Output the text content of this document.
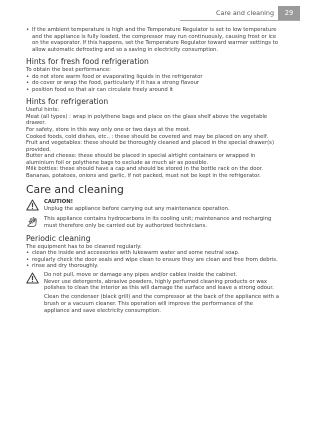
Care and cleaning	29
• If the ambient temperature is high and the Temperature Regulator is set to low temperature and the appliance is fully loaded, the compressor may run continuously, causing frost or ice on the evaporator. If this happens, set the Temperature Regulator toward warmer settings to allow automatic defrosting and so a saving in electricity consumption.
Hints for fresh food refrigeration

To obtain the best performance:

• do not store warm food or evaporating liquids in the refrigerator
• do cover or wrap the food, particularly if it has a strong flavour
• position food so that air can circulate freely around it
Hints for refrigeration

Useful hints:

Meat (all types) : wrap in polythene bags and place on the glass shelf above the vegetable drawer.

For safety, store in this way only one or two days at the most.

Cooked foods, cold dishes, etc.. : these should be covered and may be placed on any shelf.

Fruit and vegetables: these should be thoroughly cleaned and placed in the special drawer(s) provided.

Butter and cheese: these should be placed in special airtight containers or wrapped in aluminium foil or polythene bags to exclude as much air as possible.

Milk bottles: these should have a cap and should be stored in the bottle rack on the door.

Bananas, potatoes, onions and garlic, if not packed, must not be kept in the refrigerator.

Care and cleaning
CAUTION!

Unplug the appliance before carrying out any maintenance operation.

This appliance contains hydrocarbons in its cooling unit; maintenance and recharging must therefore only be carried out by authorized technicians.

Periodic cleaning

The equipment has to be cleaned regularly:

• clean the inside and accessories with lukewarm water and some neutral soap.
• regularly check the door seals and wipe clean to ensure they are clean and free from debris.
• rinse and dry thoroughly.

Do not pull, move or damage any pipes and/or cables inside the cabinet.

Never use detergents, abrasive powders, highly perfumed cleaning products or wax polishes to clean the interior as this will damage the surface and leave a strong odour.

Clean the condenser (black grill) and the compressor at the back of the appliance with a brush or a vacuum cleaner. This operation will improve the performance of the appliance and save electricity consumption.
